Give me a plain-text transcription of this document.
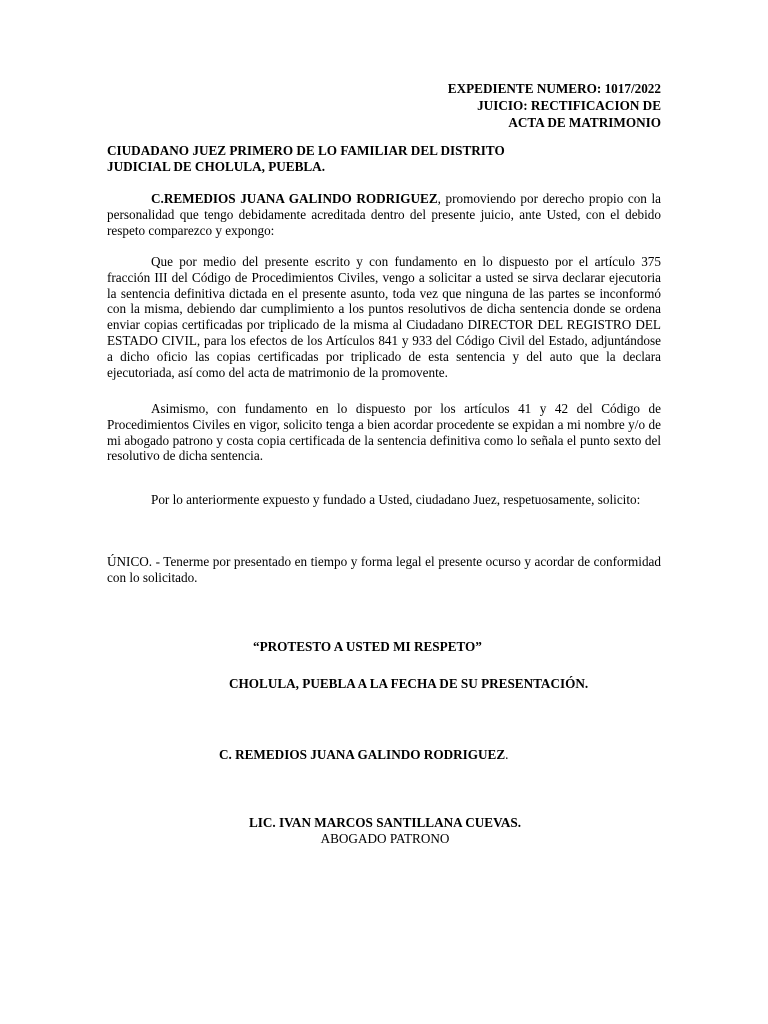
EXPEDIENTE NUMERO: 1017/2022
JUICIO: RECTIFICACION DE
ACTA DE MATRIMONIO
CIUDADANO JUEZ PRIMERO DE LO FAMILIAR DEL DISTRITO
JUDICIAL DE CHOLULA, PUEBLA.
C.REMEDIOS JUANA GALINDO RODRIGUEZ, promoviendo por derecho propio con la personalidad que tengo debidamente acreditada dentro del presente juicio, ante Usted, con el debido respeto comparezco y expongo:
Que por medio del presente escrito y con fundamento en lo dispuesto por el artículo 375 fracción III del Código de Procedimientos Civiles, vengo a solicitar a usted se sirva declarar ejecutoria la sentencia definitiva dictada en el presente asunto, toda vez que ninguna de las partes se inconformó con la misma, debiendo dar cumplimiento a los puntos resolutivos de dicha sentencia donde se ordena enviar copias certificadas por triplicado de la misma al Ciudadano DIRECTOR DEL REGISTRO DEL ESTADO CIVIL, para los efectos de los Artículos 841 y 933 del Código Civil del Estado, adjuntándose a dicho oficio las copias certificadas por triplicado de esta sentencia y del auto que la declara ejecutoriada, así como del acta de matrimonio de la promovente.
Asimismo, con fundamento en lo dispuesto por los artículos 41 y 42 del Código de Procedimientos Civiles en vigor, solicito tenga a bien acordar procedente se expidan a mi nombre y/o de mi abogado patrono y costa copia certificada de la sentencia definitiva como lo señala el punto sexto del resolutivo de dicha sentencia.
Por lo anteriormente expuesto y fundado a Usted, ciudadano Juez, respetuosamente, solicito:
ÚNICO. - Tenerme por presentado en tiempo y forma legal el presente ocurso y acordar de conformidad con lo solicitado.
“PROTESTO A USTED MI RESPETO”
CHOLULA, PUEBLA A LA FECHA DE SU PRESENTACIÓN.
C. REMEDIOS JUANA GALINDO RODRIGUEZ.
LIC. IVAN MARCOS SANTILLANA CUEVAS.
ABOGADO PATRONO
